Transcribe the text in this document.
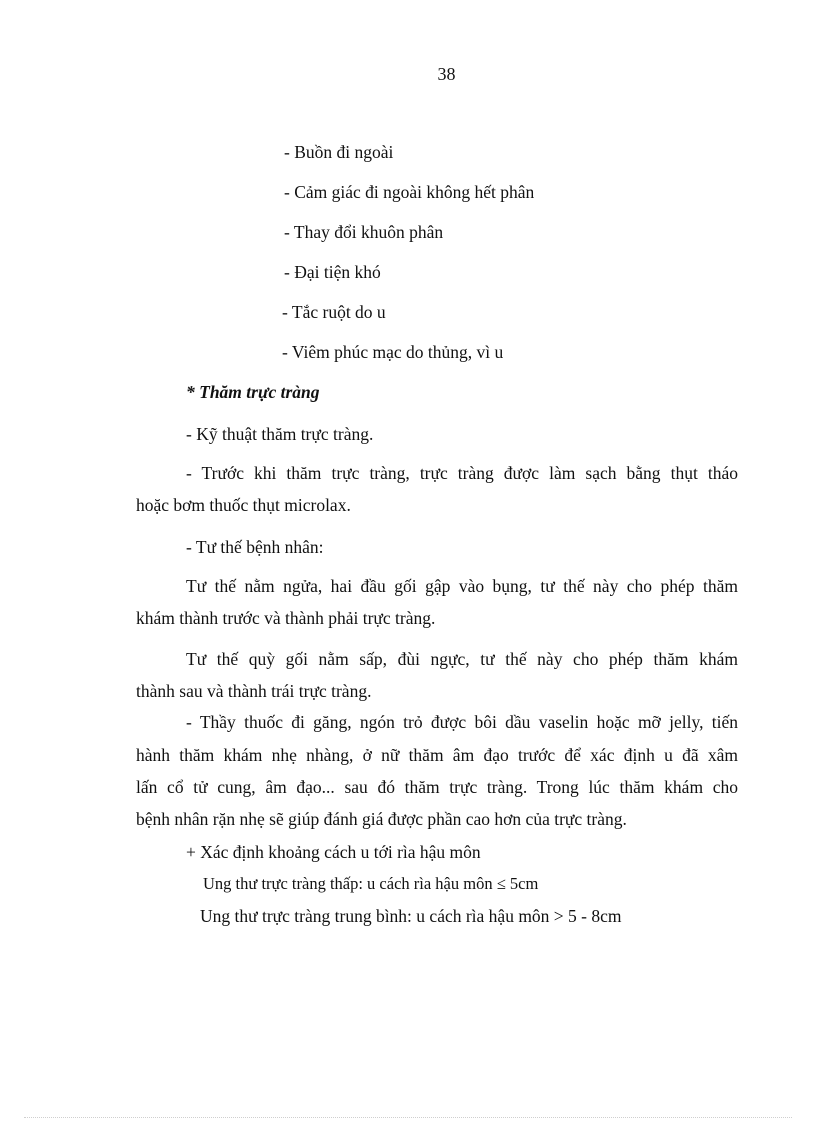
38
- Buồn đi ngoài
- Cảm giác đi ngoài không hết phân
- Thay đổi khuôn phân
- Đại tiện khó
- Tắc ruột do u
- Viêm phúc mạc do thủng, vì u
* Thăm trực tràng
- Kỹ thuật thăm trực tràng.
- Trước khi thăm trực tràng, trực tràng được làm sạch bằng thụt tháo
hoặc bơm thuốc thụt microlax.
- Tư thế bệnh nhân:
Tư thế nằm ngửa, hai đầu gối gập vào bụng, tư thế này cho phép thăm
khám thành trước và thành phải trực tràng.
Tư thế quỳ gối nằm sấp, đùi ngực, tư thế này cho phép thăm khám
thành sau và thành trái trực tràng.
- Thầy thuốc đi găng, ngón trỏ được bôi dầu vaselin hoặc mỡ jelly, tiến
hành thăm khám nhẹ nhàng, ở nữ thăm âm đạo trước để xác định u đã xâm
lấn cổ tử cung, âm đạo... sau đó thăm trực tràng. Trong lúc thăm khám cho
bệnh nhân rặn nhẹ sẽ giúp đánh giá được phần cao hơn của trực tràng.
+ Xác định khoảng cách u tới rìa hậu môn
Ung thư trực tràng thấp: u cách rìa hậu môn ≤ 5cm
Ung thư trực tràng trung bình: u cách rìa hậu môn > 5 - 8cm
